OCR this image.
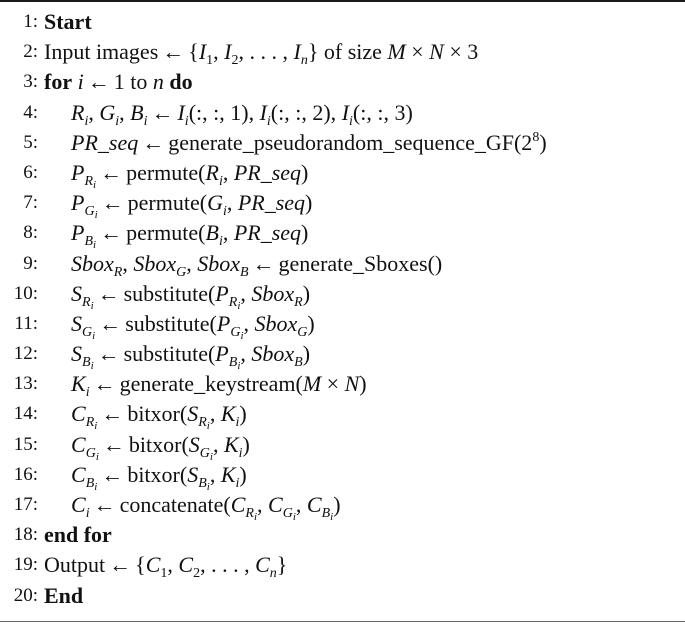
1: Start
2: Input images ← {$I_1$, $I_2$, . . . , $I_n$} of size M × N × 3
3: for i ← 1 to n do
4: $R_i$, $G_i$, $B_i$ ← $I_i$(:, :, 1), $I_i$(:, :, 2), $I_i$(:, :, 3)
5: PR_seq ← $generate\_pseudorandom\_sequence\_GF(2^8)$
6: $P_{R_i}$ ← $permute(R_i$, PR_seq)
7: $P_{G_i}$ ← $permute(G_i$, PR_seq)
8: $P_{B_i}$ ← $permute(B_i$, PR_seq)
9: Sbox$_R$, Sbox$_G$, Sbox$_B$ ← generate_Sboxes()
10: $S_{R_i}$ ← $substitute(P_{R_i}$, Sbox$_R$)
11: $S_{G_i}$ ← $substitute(P_{G_i}$, Sbox$_G$)
12: $S_{B_i}$ ← $substitute(P_{B_i}$, Sbox$_B$)
13: $K_i$ ← generate_keystream(M × N)
14: $C_{R_i}$ ← $bitxor(S_{R_i}$, $K_i$)
15: $C_{G_i}$ ← $bitxor(S_{G_i}$, $K_i$)
16: $C_{B_i}$ ← $bitxor(S_{B_i}$, $K_i$)
17: $C_i$ ← $concatenate(C_{R_i}$, $C_{G_i}$, $C_{B_i}$)
18: end for
19: Output ← {$C_1$, $C_2$, . . . , $C_n$}
20: End
